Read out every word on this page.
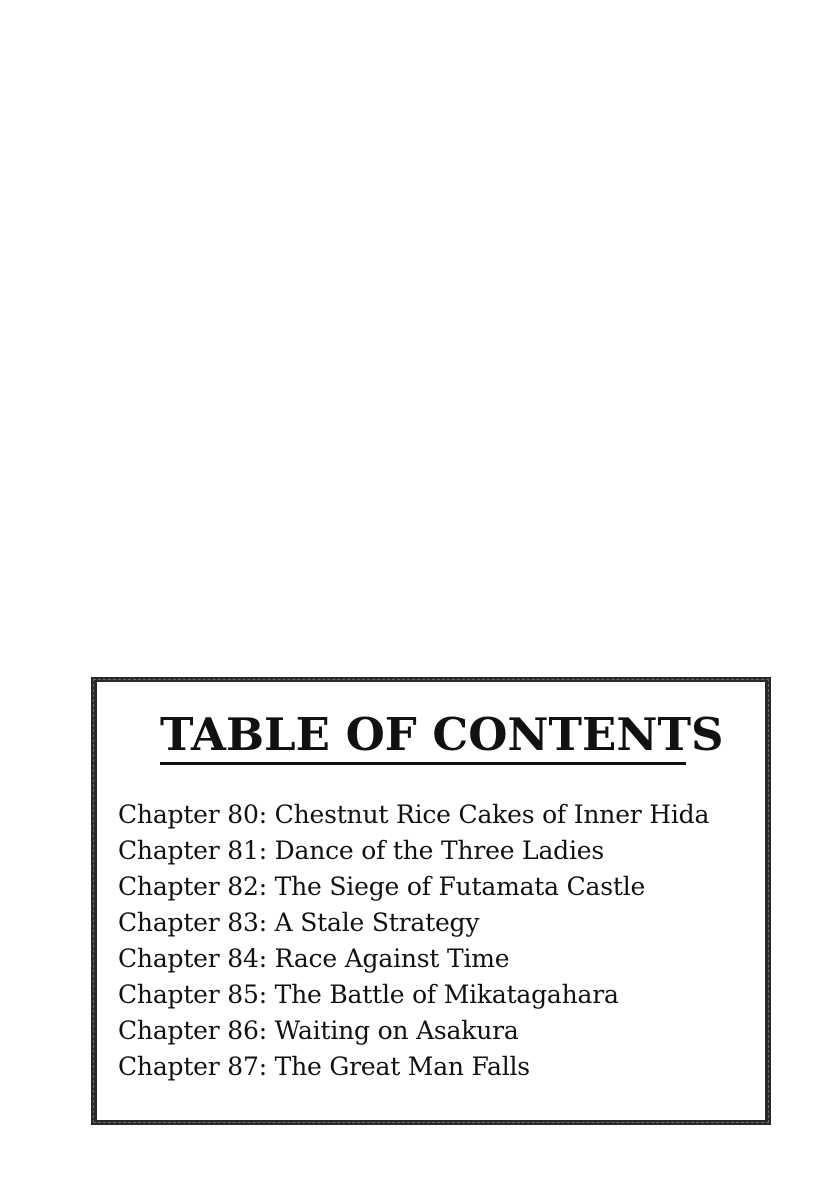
TABLE OF CONTENTS
Chapter 80: Chestnut Rice Cakes of Inner Hida
Chapter 81: Dance of the Three Ladies
Chapter 82: The Siege of Futamata Castle
Chapter 83: A Stale Strategy
Chapter 84: Race Against Time
Chapter 85: The Battle of Mikatagahara
Chapter 86: Waiting on Asakura
Chapter 87: The Great Man Falls
